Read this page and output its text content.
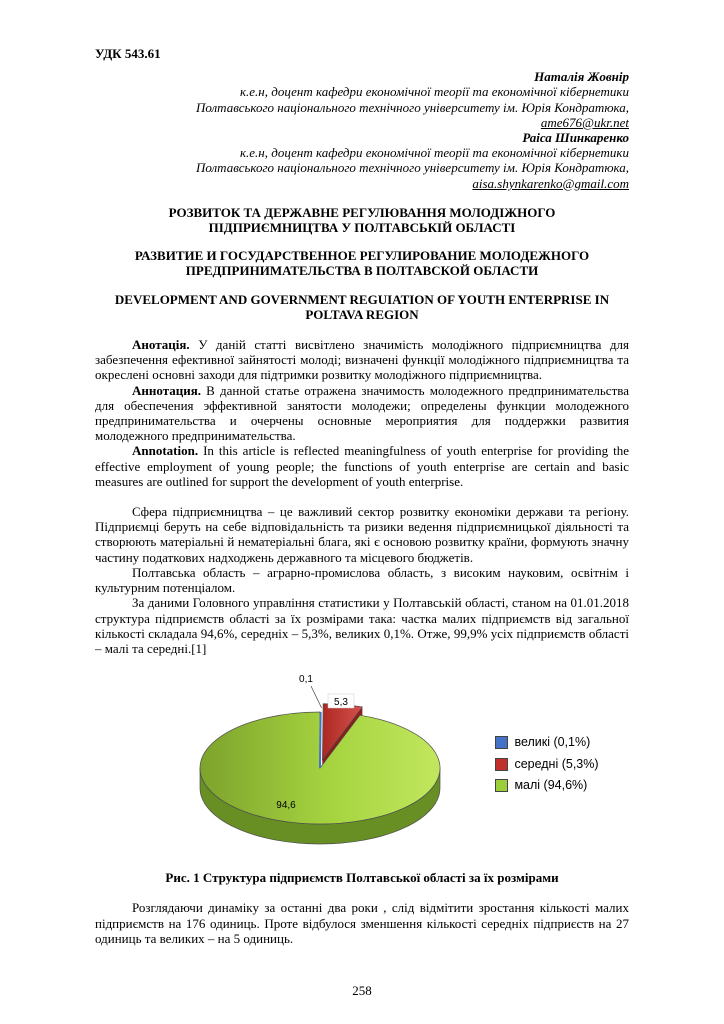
УДК 543.61
Наталія Жовнір
к.е.н, доцент кафедри економічної теорії та економічної кібернетики
Полтавського національного технічного університету ім. Юрія Кондратюка,
ame676@ukr.net
Раіса Шинкаренко
к.е.н, доцент кафедри економічної теорії та економічної кібернетики
Полтавського національного технічного університету ім. Юрія Кондратюка,
aisa.shynkarenko@gmail.com
РОЗВИТОК ТА ДЕРЖАВНЕ РЕГУЛЮВАННЯ МОЛОДІЖНОГО ПІДПРИЄМНИЦТВА У ПОЛТАВСЬКІЙ ОБЛАСТІ
РАЗВИТИЕ И ГОСУДАРСТВЕННОЕ РЕГУЛИРОВАНИЕ МОЛОДЕЖНОГО ПРЕДПРИНИМАТЕЛЬСТВА В ПОЛТАВСКОЙ ОБЛАСТИ
DEVELOPMENT AND GOVERNMENT REGUIATION OF YOUTH ENTERPRISE IN POLTAVA REGION

Анотація. У даній статті висвітлено значимість молодіжного підприємництва для забезпечення ефективної зайнятості молоді; визначені функції молодіжного підприємництва та окреслені основні заходи для підтримки розвитку молодіжного підприємництва.

Аннотация. В данной статье отражена значимость молодежного предпринимательства для обеспечения эффективной занятости молодежи; определены функции молодежного предпринимательства и очерчены основные мероприятия для поддержки развития молодежного предпринимательства.

Annotation. In this article is reflected meaningfulness of youth enterprise for providing the effective employment of young people; the functions of youth enterprise are certain and basic measures are outlined for support the development of youth enterprise.

Сфера підприємництва – це важливий сектор розвитку економіки держави та регіону. Підприємці беруть на себе відповідальність та ризики ведення підприємницької діяльності та створюють матеріальні й нематеріальні блага, які є основою розвитку країни, формують значну частину податкових надходжень державного та місцевого бюджетів.

Полтавська область – аграрно-промислова область, з високим науковим, освітнім і культурним потенціалом.

За даними Головного управління статистики у Полтавській області, станом на 01.01.2018 структура підприємств області за їх розмірами така: частка малих підприємств від загальної кількості складала 94,6%, середніх – 5,3%, великих 0,1%. Отже, 99,9% усіх підприємств області – малі та середні.[1]

0,1
5,3
94,6
великі (0,1%)
середні (5,3%)
малі (94,6%)
Рис. 1 Структура підприємств Полтавської області за їх розмірами

Розглядаючи динаміку за останні два роки , слід відмітити зростання кількості малих підприємств на 176 одиниць. Проте відбулося зменшення кількості середніх підприєств на 27 одиниць та великих – на 5 одиниць.

258
